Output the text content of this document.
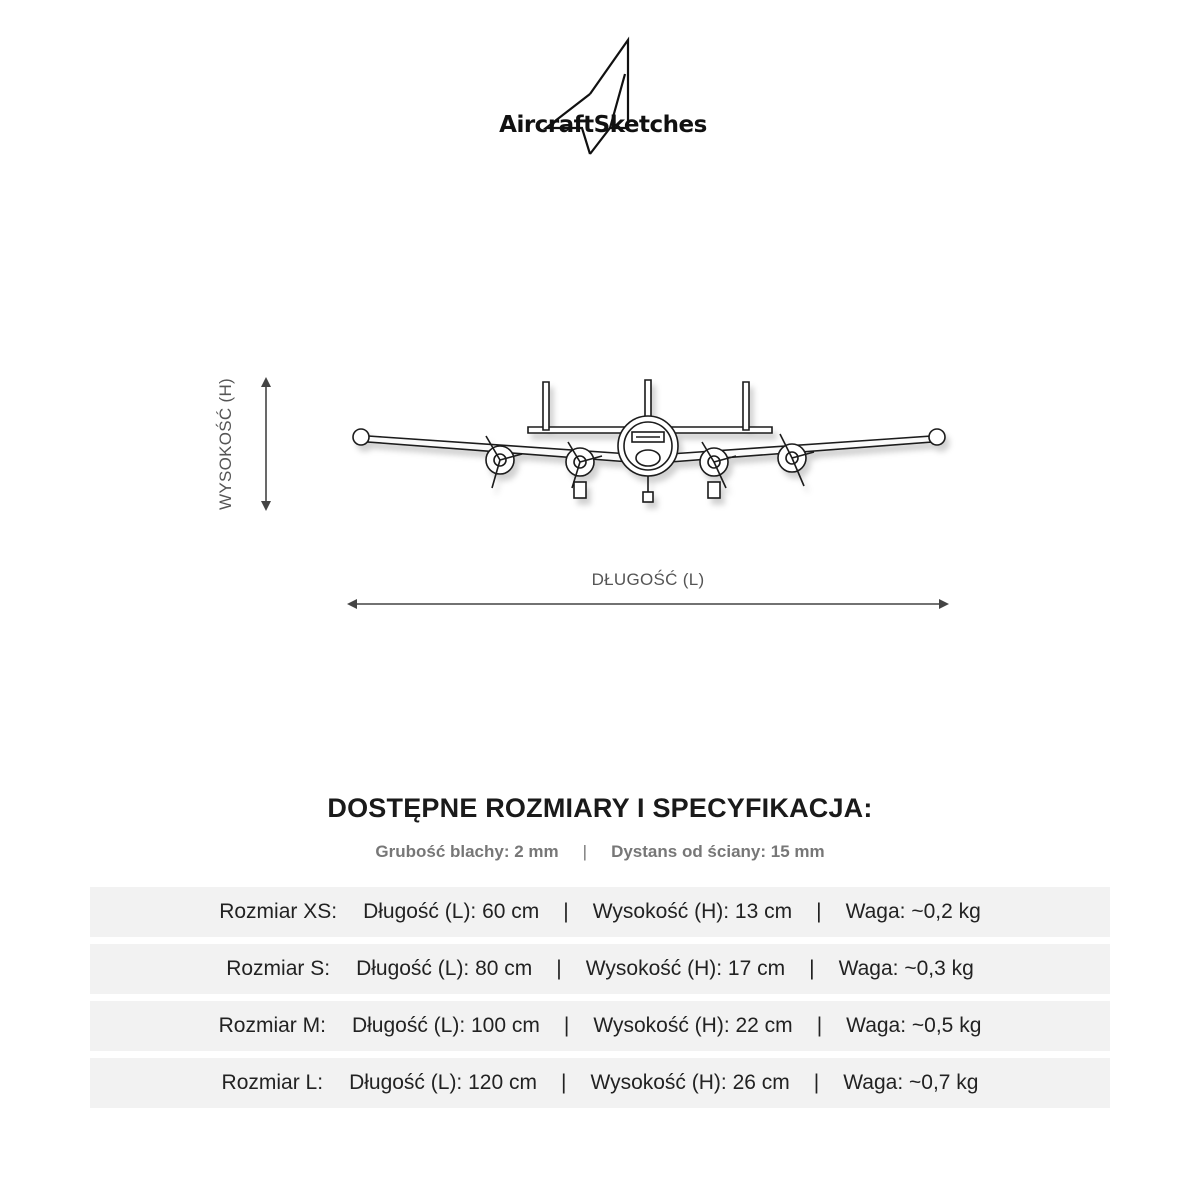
AircraftSketches
WYSOKOŚĆ (H)
DŁUGOŚĆ (L)
DOSTĘPNE ROZMIARY I SPECYFIKACJA:
Grubość blachy: 2 mm | Dystans od ściany: 15 mm
Rozmiar XS: Długość (L): 60 cm | Wysokość (H): 13 cm | Waga: ~0,2 kg
Rozmiar S: Długość (L): 80 cm | Wysokość (H): 17 cm | Waga: ~0,3 kg
Rozmiar M: Długość (L): 100 cm | Wysokość (H): 22 cm | Waga: ~0,5 kg
Rozmiar L: Długość (L): 120 cm | Wysokość (H): 26 cm | Waga: ~0,7 kg
